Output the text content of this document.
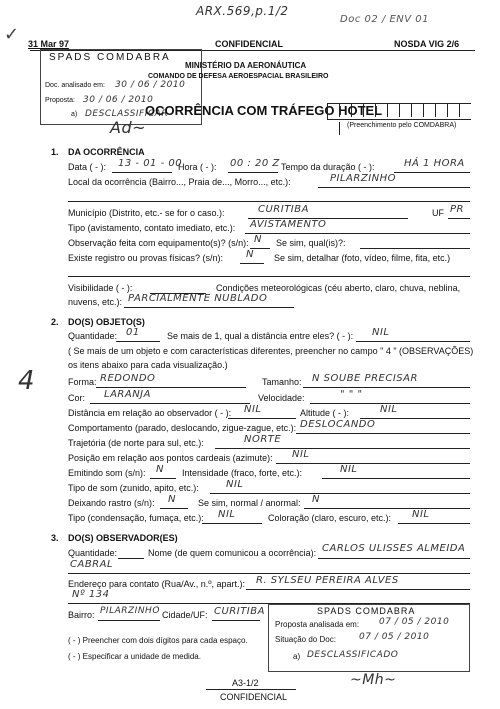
ARX.569,p.1/2
Doc 02 / ENV 01
✓ 31 Mar 97	CONFIDENCIAL	NOSDA VIG 2/6
SPADS COMDABRA
Doc. analisado em: 30 / 06 / 2010
Proposta: 30 / 06 / 2010
a) DESCLASSIFICAR
Ad~
MINISTÉRIO DA AERONÁUTICA
COMANDO DE DEFESA AEROESPACIAL BRASILEIRO
OCORRÊNCIA COM TRÁFEGO HOTEL
(Preenchimento pelo COMDABRA)
1. DA OCORRÊNCIA
Data ( - ): 13 - 01 - 00
Hora ( - ): 00 : 20 Z Tempo da duração ( - ):	HÁ 1 HORA
Local da ocorrência (Bairro..., Praia de..., Morro..., etc.):	PILARZINHO
Município (Distrito, etc.- se for o caso.):	CURITIBA	UF PR
Tipo (avistamento, contato imediato, etc.): AVISTAMENTO
Observação feita com equipamento(s)? (s/n): N Se sim, qual(is)?:
Existe registro ou provas físicas? (s/n): N Se sim, detalhar (foto, vídeo, filme, fita, etc.)
Visibilidade ( - ):	Condições meteorológicas (céu aberto, claro, chuva, neblina,
nuvens, etc.): PARCIALMENTE NUBLADO
2. DO(S) OBJETO(S)
Quantidade: 01	Se mais de 1, qual a distância entre eles? ( - ): NIL
( Se mais de um objeto e com características diferentes, preencher no campo " 4 " (OBSERVAÇÕES)
os itens abaixo para cada visualização.)
4	Forma: REDONDO	Tamanho: N SOUBE PRECISAR
Cor: LARANJA	Velocidade:	" " "
Distância em relação ao observador ( - ): NIL	Altitude ( - ):	NIL
Comportamento (parado, deslocando, zigue-zague, etc.): DESLOCANDO
Trajetória (de norte para sul, etc.):	NORTE
Posição em relação aos pontos cardeais (azimute): NIL
Emitindo som (s/n): N Intensidade (fraco, forte, etc.):	NIL
Tipo de som (zunido, apito, etc.):	NIL
Deixando rastro (s/n): N Se sim, normal / anormal: N
Tipo (condensação, fumaça, etc.): NIL	Coloração (claro, escuro, etc.): NIL
3. DO(S) OBSERVADOR(ES)
Quantidade:	Nome (de quem comunicou a ocorrência): CARLOS ULISSES ALMEIDA
CABRAL
Endereço para contato (Rua/Av., n.º, apart.): R. SYLSEU PEREIRA ALVES
Nº 134
Bairro: PILARZINHO Cidade/UF: CURITIBA
( - ) Preencher com dois dígitos para cada espaço.
( - ) Especificar a unidade de medida.
SPADS COMDABRA
Proposta analisada em: 07 / 05 / 2010
Situação do Doc:	07 / 05 / 2010
a) DESCLASSIFICADO
~Mh~
A3-1/2
CONFIDENCIAL
